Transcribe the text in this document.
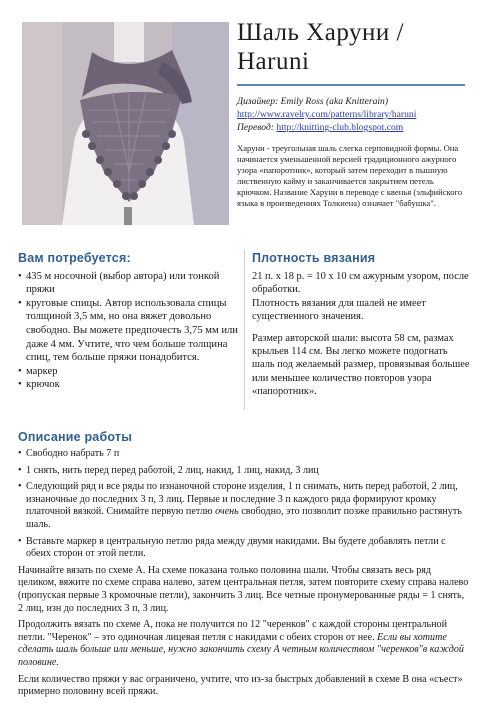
Шаль Харуни /
Haruni

Дизайнер: Emily Ross (aka Knitterain)

http://www.ravelry.com/patterns/library/haruni

Перевод: http://knitting-club.blogspot.com

Харуни - треугольная шаль слегка серповидной формы. Она начинается уменьшенной версией традиционного ажурного узора «папоротник», который затем переходит в пышную лиственную кайму и заканчивается закрытием петель крючком. Название Харуни в переводе с квенья (эльфийского языка в произведениях Толкиена) означает "бабушка".
Вам потребуется:
• 435 м носочной (выбор автора) или тонкой пряжи
• круговые спицы. Автор использовала спицы толщиной 3,5 мм, но она вяжет довольно свободно. Вы можете предпочесть 3,75 мм или даже 4 мм. Учтите, что чем больше толщина спиц, тем больше пряжи понадобится.
• маркер
• крючок
Плотность вязания

21 п. х 18 р. = 10 х 10 см ажурным узором, после обработки.

Плотность вязания для шалей не имеет существенного значения.

Размер авторской шали: высота 58 см, размах крыльев 114 см. Вы легко можете подогнать шаль под желаемый размер, провязывая большее или меньшее количество повторов узора «папоротник».

Описание работы

• Свободно набрать 7 п

• 1 снять, нить перед перед работой, 2 лиц, накид, 1 лиц, накид, 3 лиц

• Следующий ряд и все ряды по изнаночной стороне изделия, 1 п снимать, нить перед работой, 2 лиц, изнаночные до последних 3 п, 3 лиц. Первые и последние 3 п каждого ряда формируют кромку платочной вязкой. Снимайте первую петлю очень свободно, это позволит позже правильно растянуть шаль.

• Вставьте маркер в центральную петлю ряда между двумя накидами. Вы будете добавлять петли с обеих сторон от этой петли.

Начинайте вязать по схеме А. На схеме показана только половина шали. Чтобы связать весь ряд целиком, вяжите по схеме справа налево, затем центральная петля, затем повторите схему справа налево (пропуская первые 3 кромочные петли), закончить 3 лиц. Все четные пронумерованные ряды = 1 снять, 2 лиц, изн до последних 3 п, 3 лиц.

Продолжить вязать по схеме А, пока не получится по 12 "черенков" с каждой стороны центральной петли. "Черенок" – это одиночная лицевая петля с накидами с обеих сторон от нее. Если вы хотите сделать шаль больше или меньше, нужно закончить схему А четным количеством "черенков"в каждой половине.

Если количество пряжи у вас ограничено, учтите, что из-за быстрых добавлений в схеме В она «съест» примерно половину всей пряжи.
